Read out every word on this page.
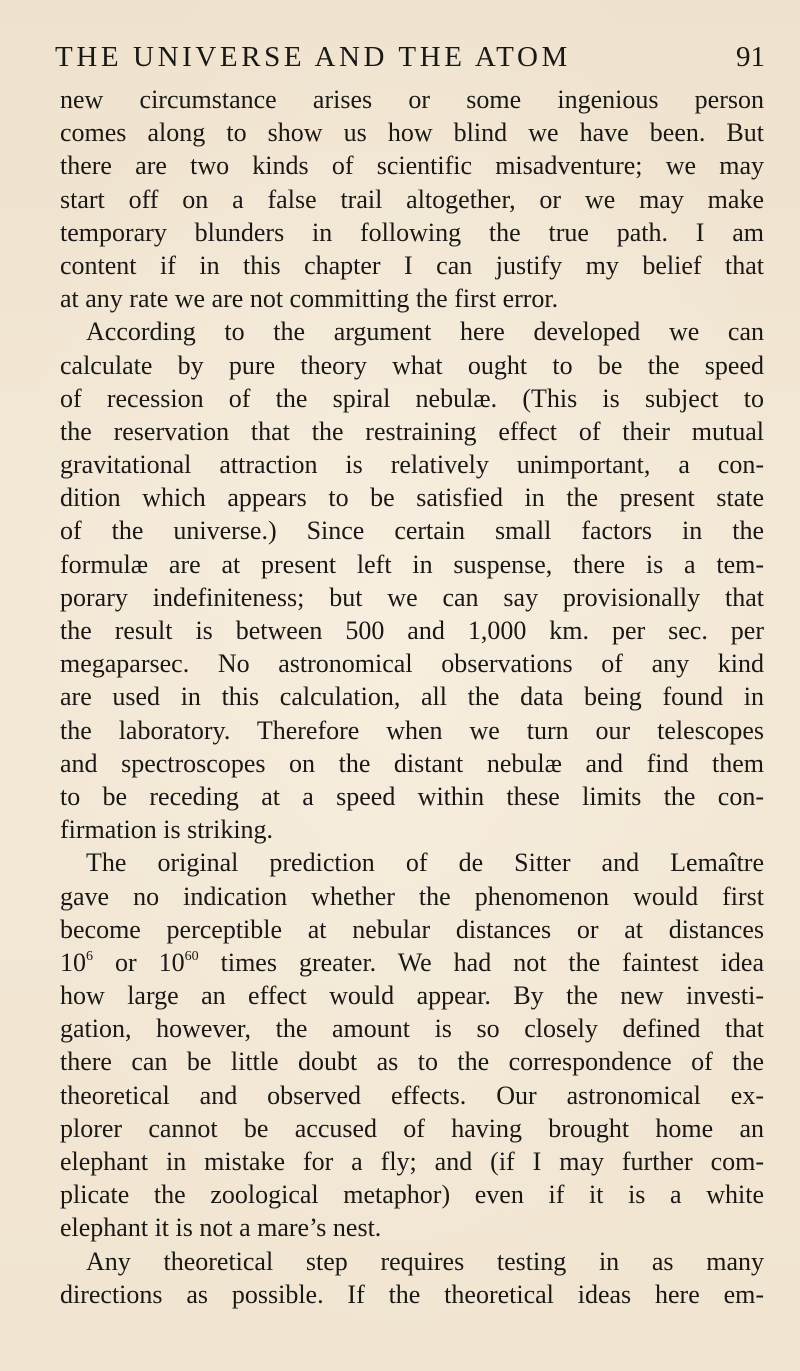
THE UNIVERSE AND THE ATOM	91
new circumstance arises or some ingenious person
comes along to show us how blind we have been. But
there are two kinds of scientific misadventure; we may
start off on a false trail altogether, or we may make
temporary blunders in following the true path. I am
content if in this chapter I can justify my belief that
at any rate we are not committing the first error.
According to the argument here developed we can
calculate by pure theory what ought to be the speed
of recession of the spiral nebulæ. (This is subject to
the reservation that the restraining effect of their mutual
gravitational attraction is relatively unimportant, a con-
dition which appears to be satisfied in the present state
of the universe.) Since certain small factors in the
formulæ are at present left in suspense, there is a tem-
porary indefiniteness; but we can say provisionally that
the result is between 500 and 1,000 km. per sec. per
megaparsec. No astronomical observations of any kind
are used in this calculation, all the data being found in
the laboratory. Therefore when we turn our telescopes
and spectroscopes on the distant nebulæ and find them
to be receding at a speed within these limits the con-
firmation is striking.
The original prediction of de Sitter and Lemaître
gave no indication whether the phenomenon would first
become perceptible at nebular distances or at distances
$10^6$ or $10^{60}$ times greater. We had not the faintest idea
how large an effect would appear. By the new investi-
gation, however, the amount is so closely defined that
there can be little doubt as to the correspondence of the
theoretical and observed effects. Our astronomical ex-
plorer cannot be accused of having brought home an
elephant in mistake for a fly; and (if I may further com-
plicate the zoological metaphor) even if it is a white
elephant it is not a mare’s nest.
Any theoretical step requires testing in as many
directions as possible. If the theoretical ideas here em-
